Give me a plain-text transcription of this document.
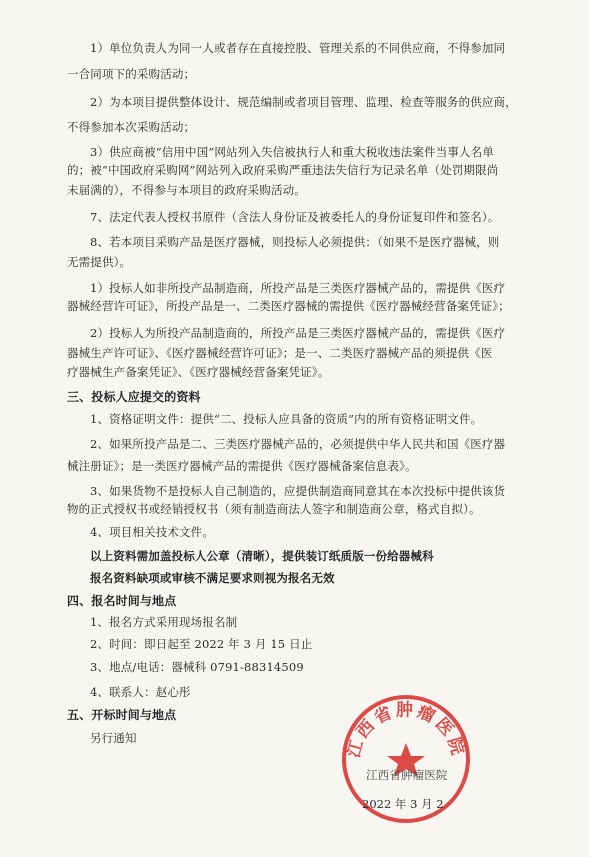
1）单位负责人为同一人或者存在直接控股、管理关系的不同供应商，不得参加同
一合同项下的采购活动；
2）为本项目提供整体设计、规范编制或者项目管理、监理、检查等服务的供应商，
不得参加本次采购活动；
3）供应商被“信用中国”网站列入失信被执行人和重大税收违法案件当事人名单
的；被“中国政府采购网”网站列入政府采购严重违法失信行为记录名单（处罚期限尚
未届满的），不得参与本项目的政府采购活动。
7、法定代表人授权书原件（含法人身份证及被委托人的身份证复印件和签名）。
8、若本项目采购产品是医疗器械，则投标人必须提供：（如果不是医疗器械，则
无需提供）。
1）投标人如非所投产品制造商，所投产品是三类医疗器械产品的，需提供《医疗
器械经营许可证》，所投产品是一、二类医疗器械的需提供《医疗器械经营备案凭证》；
2）投标人为所投产品制造商的，所投产品是三类医疗器械产品的，需提供《医疗
器械生产许可证》、《医疗器械经营许可证》；是一、二类医疗器械产品的须提供《医
疗器械生产备案凭证》、《医疗器械经营备案凭证》。
三、投标人应提交的资料
1、资格证明文件：提供“二、投标人应具备的资质”内的所有资格证明文件。
2、如果所投产品是二、三类医疗器械产品的，必须提供中华人民共和国《医疗器
械注册证》；是一类医疗器械产品的需提供《医疗器械备案信息表》。
3、如果货物不是投标人自己制造的，应提供制造商同意其在本次投标中提供该货
物的正式授权书或经销授权书（须有制造商法人签字和制造商公章，格式自拟）。
4、项目相关技术文件。
以上资料需加盖投标人公章（清晰），提供装订纸质版一份给器械科
报名资料缺项或审核不满足要求则视为报名无效
四、报名时间与地点
1、报名方式采用现场报名制
2、时间：即日起至 2022 年 3 月 15 日止
3、地点/电话：器械科 0791-88314509
4、联系人：赵心彤
五、开标时间与地点
另行通知	江西省肿瘤医院
江西省肿瘤医院
2022 年 3 月 2
